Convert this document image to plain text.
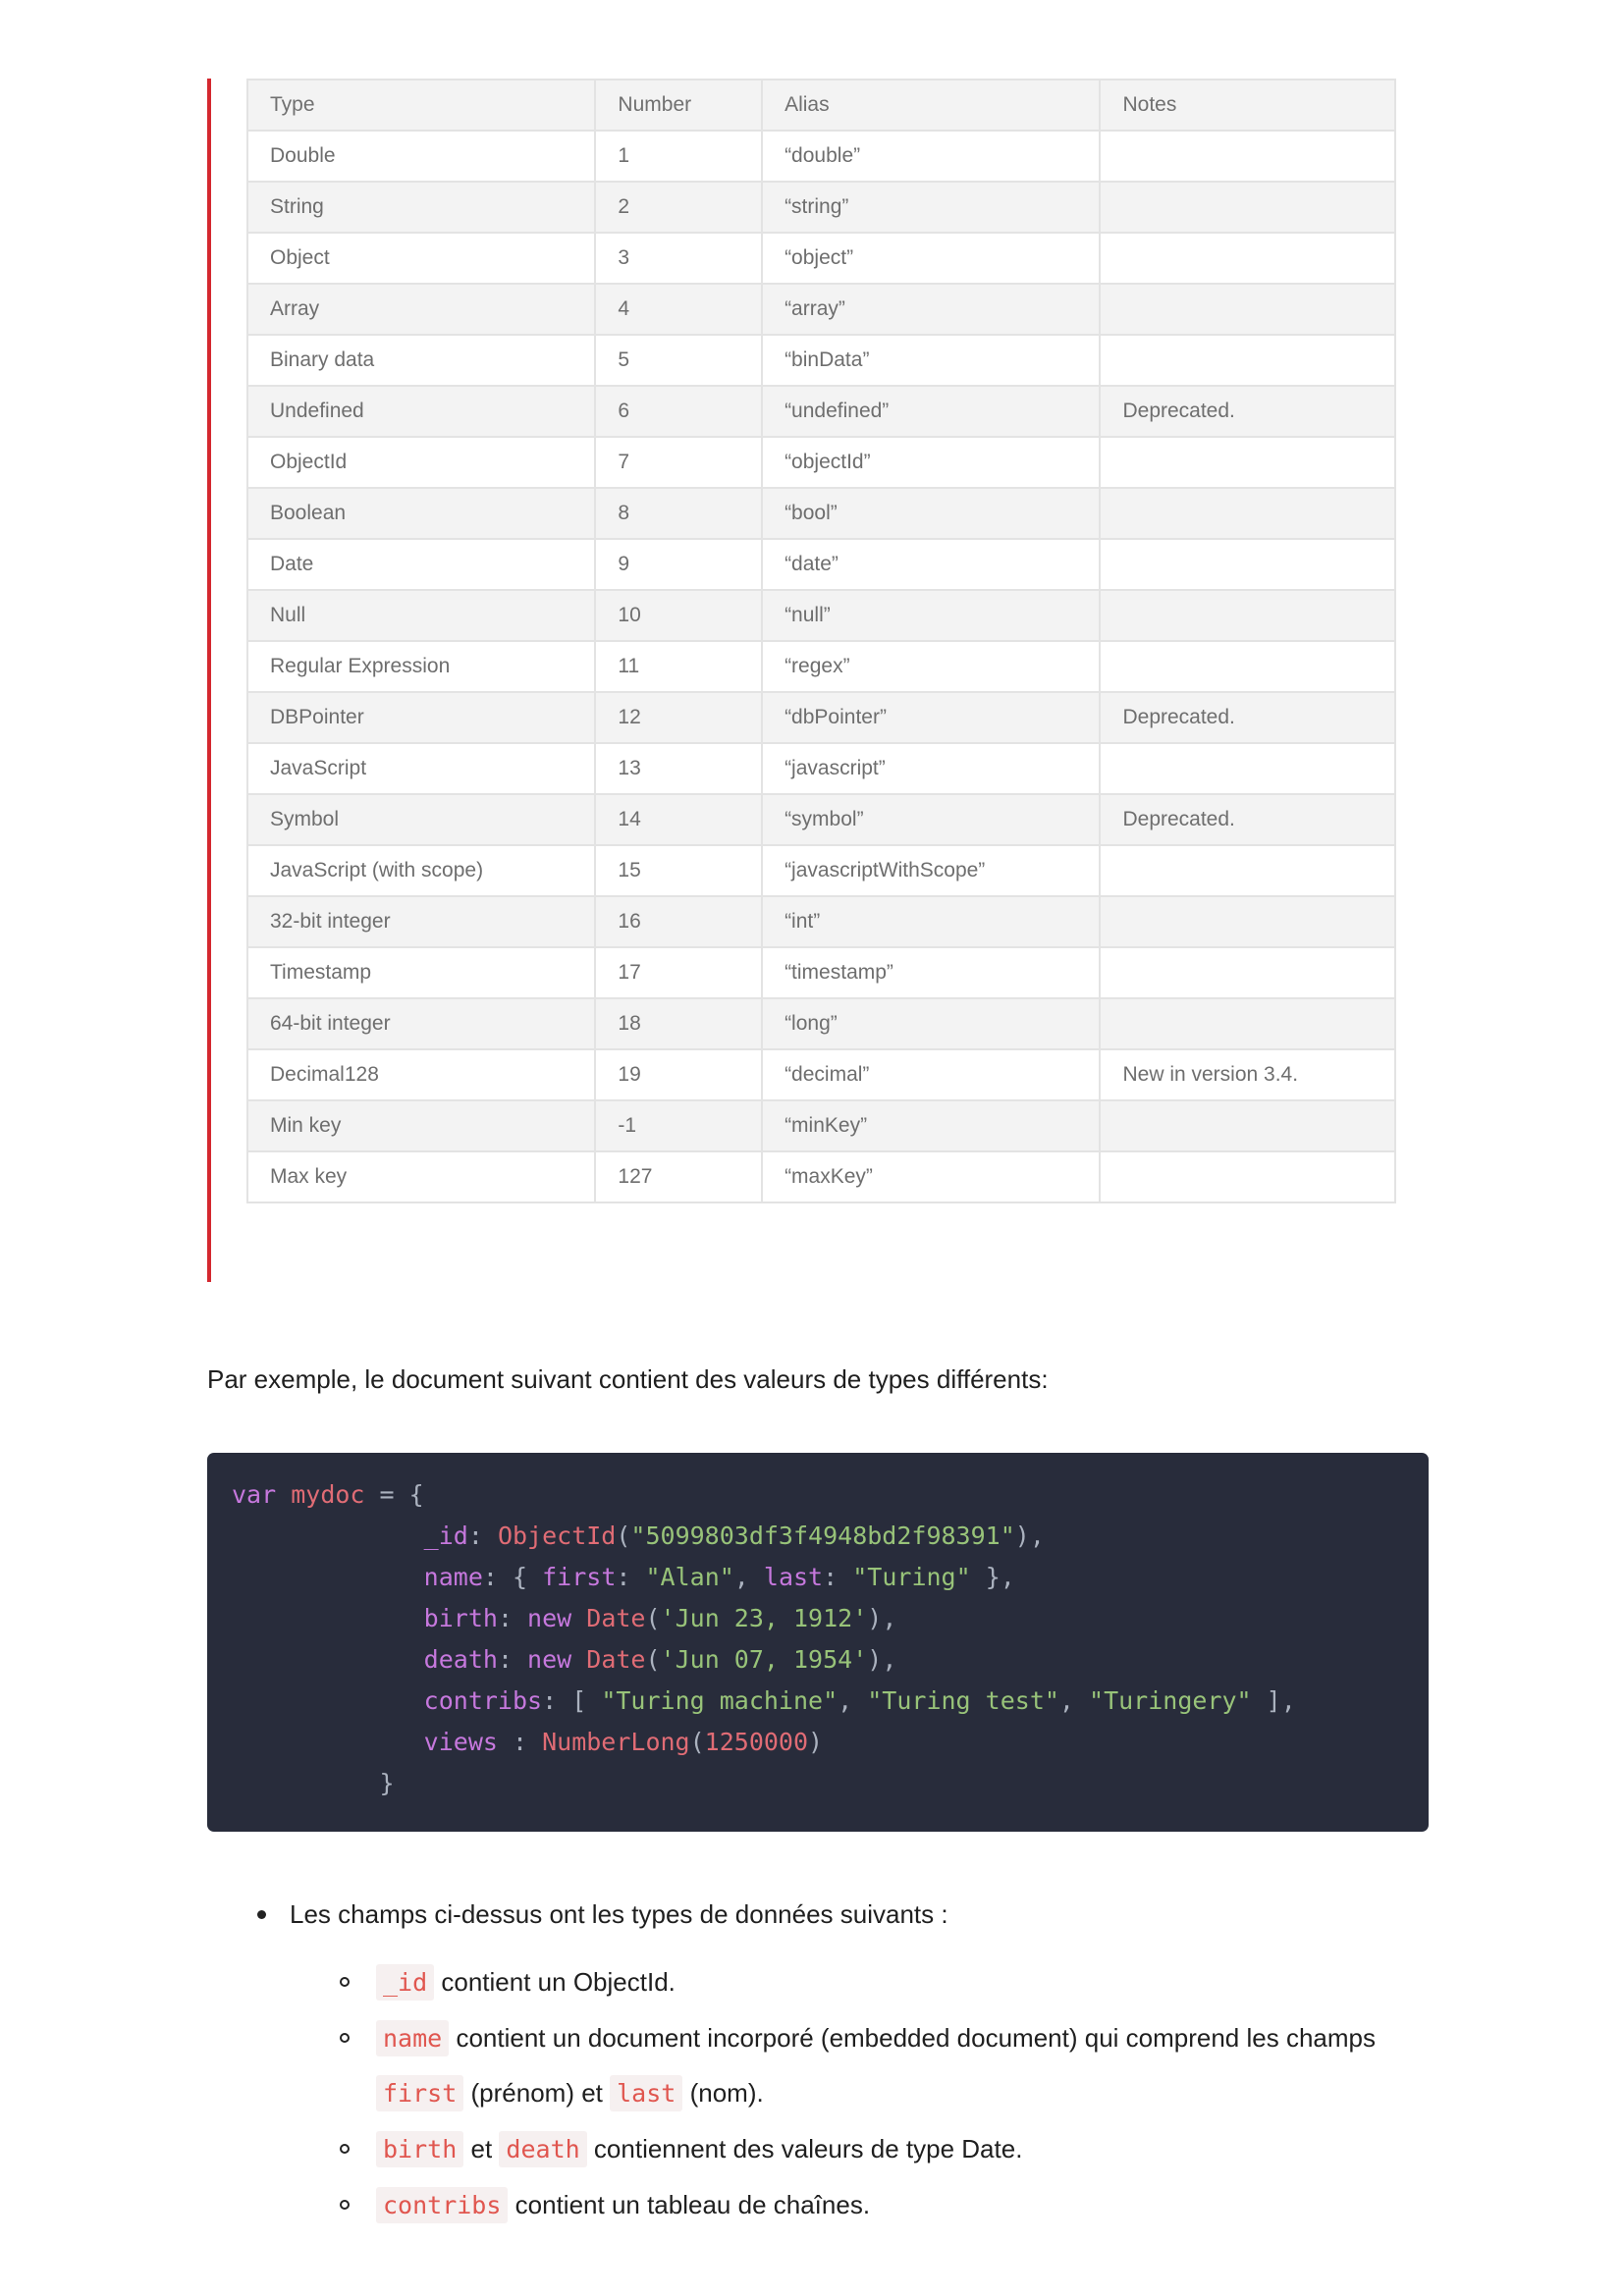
Type	Number	Alias	Notes
Double	1	“double”	
String	2	“string”	
Object	3	“object”	
Array	4	“array”	
Binary data	5	“binData”	
Undefined	6	“undefined”	Deprecated.
ObjectId	7	“objectId”	
Boolean	8	“bool”	
Date	9	“date”	
Null	10	“null”	
Regular Expression	11	“regex”	
DBPointer	12	“dbPointer”	Deprecated.
JavaScript	13	“javascript”	
Symbol	14	“symbol”	Deprecated.
JavaScript (with scope)	15	“javascriptWithScope”	
32-bit integer	16	“int”	
Timestamp	17	“timestamp”	
64-bit integer	18	“long”	
Decimal128	19	“decimal”	New in version 3.4.
Min key	-1	“minKey”	
Max key	127	“maxKey”	

Par exemple, le document suivant contient des valeurs de types différents:

var mydoc = {
_id: ObjectId("5099803df3f4948bd2f98391"),
name: { first: "Alan", last: "Turing" },
birth: new Date('Jun 23, 1912'),
death: new Date('Jun 07, 1954'),
contribs: [ "Turing machine", "Turing test", "Turingery" ],
views : NumberLong(1250000)
}
Les champs ci-dessus ont les types de données suivants :
_id contient un ObjectId.
name contient un document incorporé (embedded document) qui comprend les champs
first (prénom) et last (nom).
birth et death contiennent des valeurs de type Date.
contribs contient un tableau de chaînes.
